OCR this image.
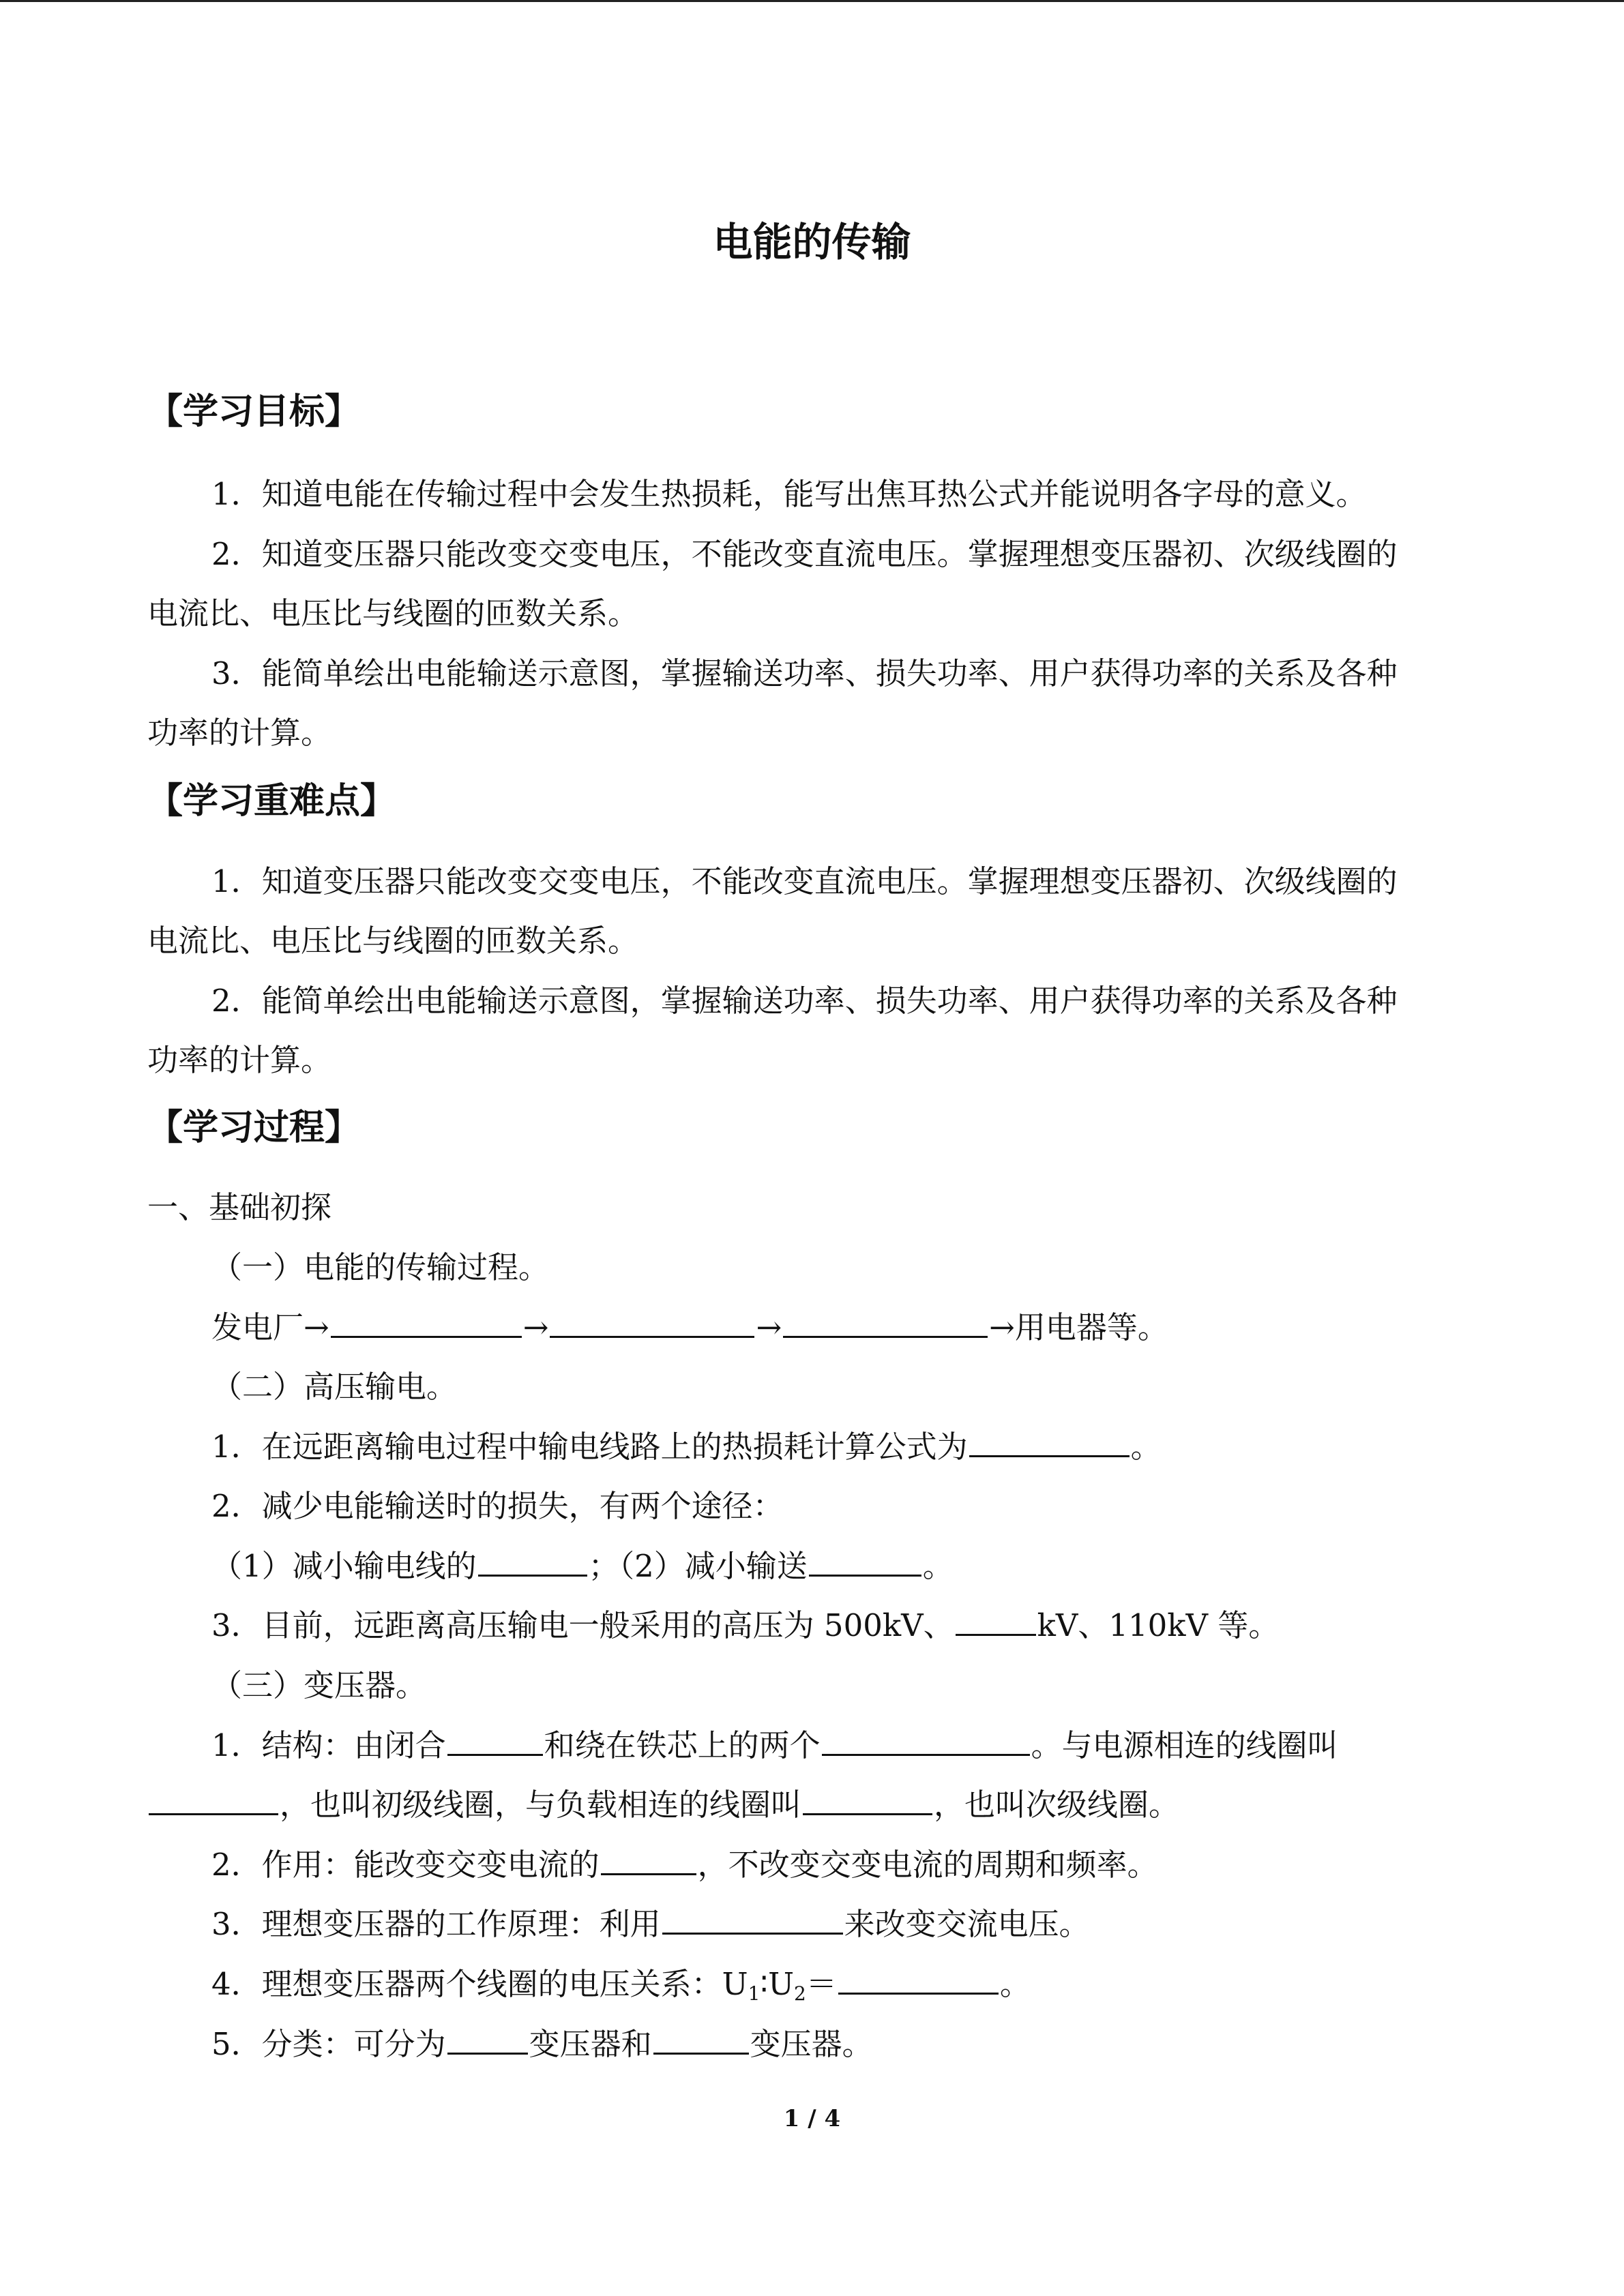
电能的传输
【学习目标】
1．知道电能在传输过程中会发生热损耗，能写出焦耳热公式并能说明各字母的意义。
2．知道变压器只能改变交变电压，不能改变直流电压。掌握理想变压器初、次级线圈的
电流比、电压比与线圈的匝数关系。
3．能简单绘出电能输送示意图，掌握输送功率、损失功率、用户获得功率的关系及各种
功率的计算。
【学习重难点】
1．知道变压器只能改变交变电压，不能改变直流电压。掌握理想变压器初、次级线圈的
电流比、电压比与线圈的匝数关系。
2．能简单绘出电能输送示意图，掌握输送功率、损失功率、用户获得功率的关系及各种
功率的计算。
【学习过程】
一、基础初探
（一）电能的传输过程。
发电厂→	→	→	→用电器等。
（二）高压输电。
1．在远距离输电过程中输电线路上的热损耗计算公式为	。
2．减少电能输送时的损失，有两个途径：
（1）减小输电线的	；（2）减小输送	。
3．目前，远距离高压输电一般采用的高压为 500kV、	kV、110kV 等。
（三）变压器。
1．结构：由闭合	和绕在铁芯上的两个	。与电源相连的线圈叫
，也叫初级线圈，与负载相连的线圈叫	，也叫次级线圈。
2．作用：能改变交变电流的	，不改变交变电流的周期和频率。
3．理想变压器的工作原理：利用	来改变交流电压。
4．理想变压器两个线圈的电压关系：$U_1∶U_2=$	。
5．分类：可分为	变压器和	变压器。
1 / 4
